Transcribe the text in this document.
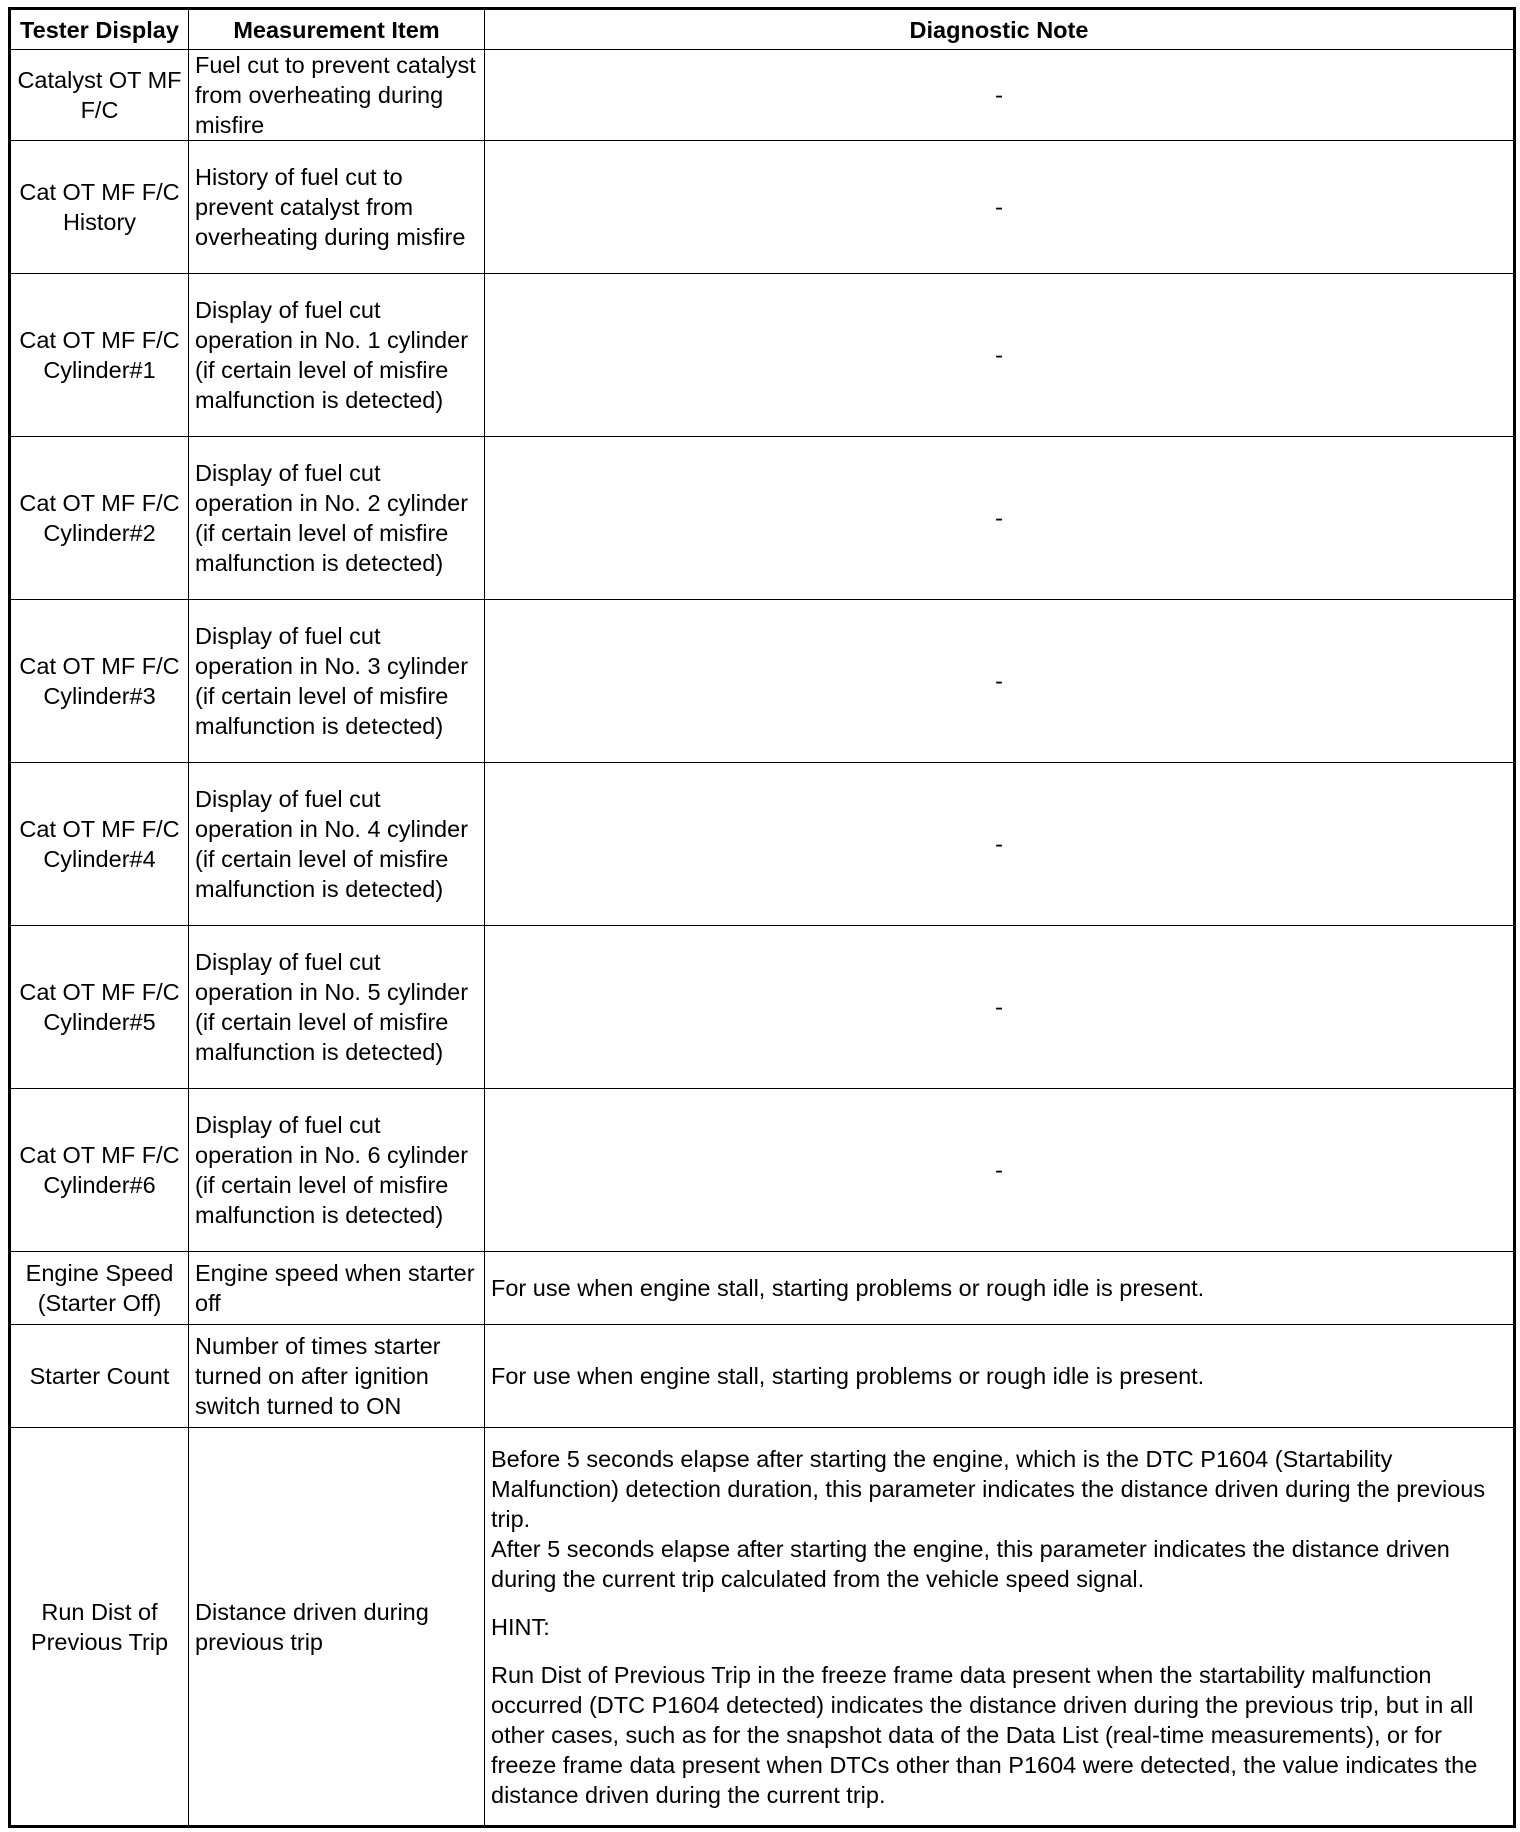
Tester Display	Measurement Item	Diagnostic Note
Catalyst OT MF F/C	Fuel cut to prevent catalyst from overheating during misfire	-
Cat OT MF F/C History	History of fuel cut to prevent catalyst from overheating during misfire	-
Cat OT MF F/C Cylinder#1	Display of fuel cut operation in No. 1 cylinder (if certain level of misfire malfunction is detected)	-
Cat OT MF F/C Cylinder#2	Display of fuel cut operation in No. 2 cylinder (if certain level of misfire malfunction is detected)	-
Cat OT MF F/C Cylinder#3	Display of fuel cut operation in No. 3 cylinder (if certain level of misfire malfunction is detected)	-
Cat OT MF F/C Cylinder#4	Display of fuel cut operation in No. 4 cylinder (if certain level of misfire malfunction is detected)	-
Cat OT MF F/C Cylinder#5	Display of fuel cut operation in No. 5 cylinder (if certain level of misfire malfunction is detected)	-
Cat OT MF F/C Cylinder#6	Display of fuel cut operation in No. 6 cylinder (if certain level of misfire malfunction is detected)	-
Engine Speed (Starter Off)	Engine speed when starter off	For use when engine stall, starting problems or rough idle is present.
Starter Count	Number of times starter turned on after ignition switch turned to ON	For use when engine stall, starting problems or rough idle is present.
Run Dist of Previous Trip	Distance driven during previous trip	Before 5 seconds elapse after starting the engine, which is the DTC P1604 (Startability Malfunction) detection duration, this parameter indicates the distance driven during the previous trip.

After 5 seconds elapse after starting the engine, this parameter indicates the distance driven during the current trip calculated from the vehicle speed signal.

HINT:

Run Dist of Previous Trip in the freeze frame data present when the startability malfunction occurred (DTC P1604 detected) indicates the distance driven during the previous trip, but in all other cases, such as for the snapshot data of the Data List (real-time measurements), or for freeze frame data present when DTCs other than P1604 were detected, the value indicates the distance driven during the current trip.
